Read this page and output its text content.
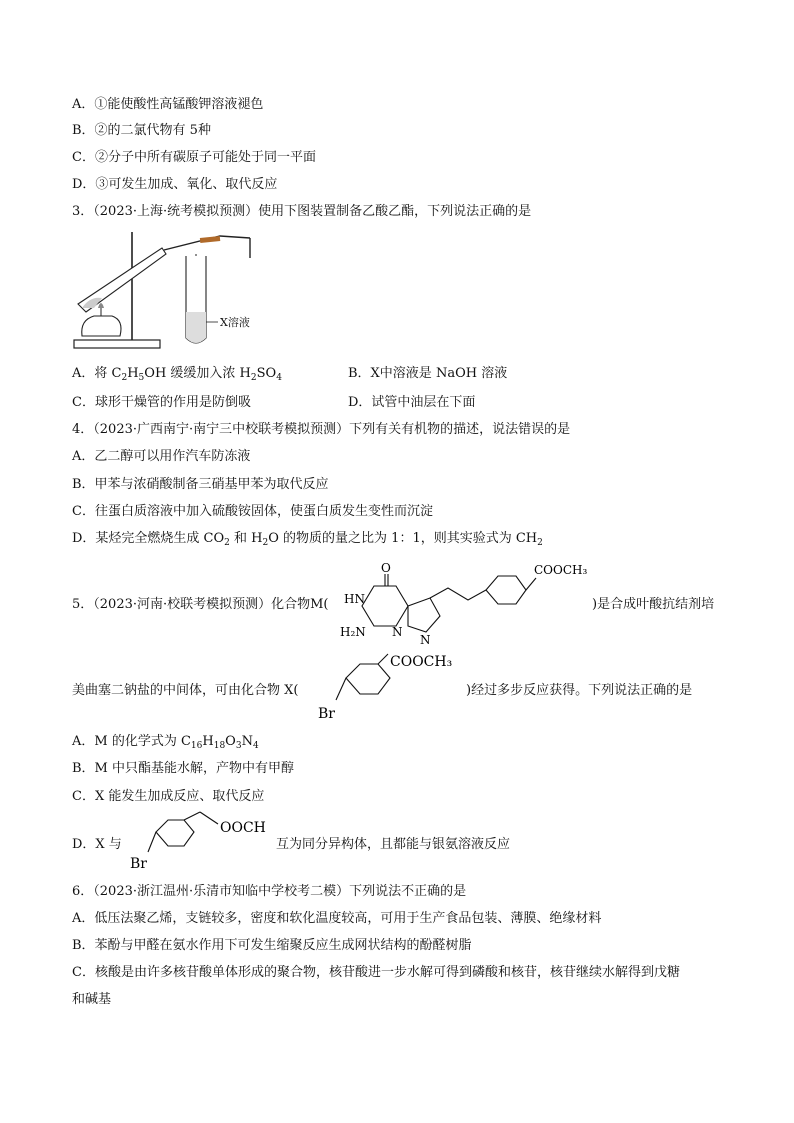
A．①能使酸性高锰酸钾溶液褪色
B．②的二氯代物有 5种
C．②分子中所有碳原子可能处于同一平面
D．③可发生加成、氧化、取代反应
3．（2023·上海·统考模拟预测）使用下图装置制备乙酸乙酯，下列说法正确的是
X溶液
A．将 $C_2H_5OH$ 缓缓加入浓 $H_2SO_4$	B．X中溶液是 NaOH 溶液
C．球形干燥管的作用是防倒吸	D．试管中油层在下面
4．（2023·广西南宁·南宁三中校联考模拟预测）下列有关有机物的描述，说法错误的是
A．乙二醇可以用作汽车防冻液
B．甲苯与浓硝酸制备三硝基甲苯为取代反应
C．往蛋白质溶液中加入硫酸铵固体，使蛋白质发生变性而沉淀
D．某烃完全燃烧生成 $CO_2$ 和 $H_2O$ 的物质的量之比为 1：1，则其实验式为 $CH_2$
5．（2023·河南·校联考模拟预测）化合物M(
O
HN
H₂N N
N
COOCH₃
)是合成叶酸抗结剂培
美曲塞二钠盐的中间体，可由化合物 X(
COOCH₃
Br
)经过多步反应获得。下列说法正确的是
A．M 的化学式为 $C_{16}H_{18}O_3N_4$
B．M 中只酯基能水解，产物中有甲醇
C．X 能发生加成反应、取代反应
D．X 与
OOCH
Br
互为同分异构体，且都能与银氨溶液反应
6．（2023·浙江温州·乐清市知临中学校考二模）下列说法不正确的是
A．低压法聚乙烯，支链较多，密度和软化温度较高，可用于生产食品包装、薄膜、绝缘材料
B．苯酚与甲醛在氨水作用下可发生缩聚反应生成网状结构的酚醛树脂
C．核酸是由许多核苷酸单体形成的聚合物，核苷酸进一步水解可得到磷酸和核苷，核苷继续水解得到戊糖
和碱基
